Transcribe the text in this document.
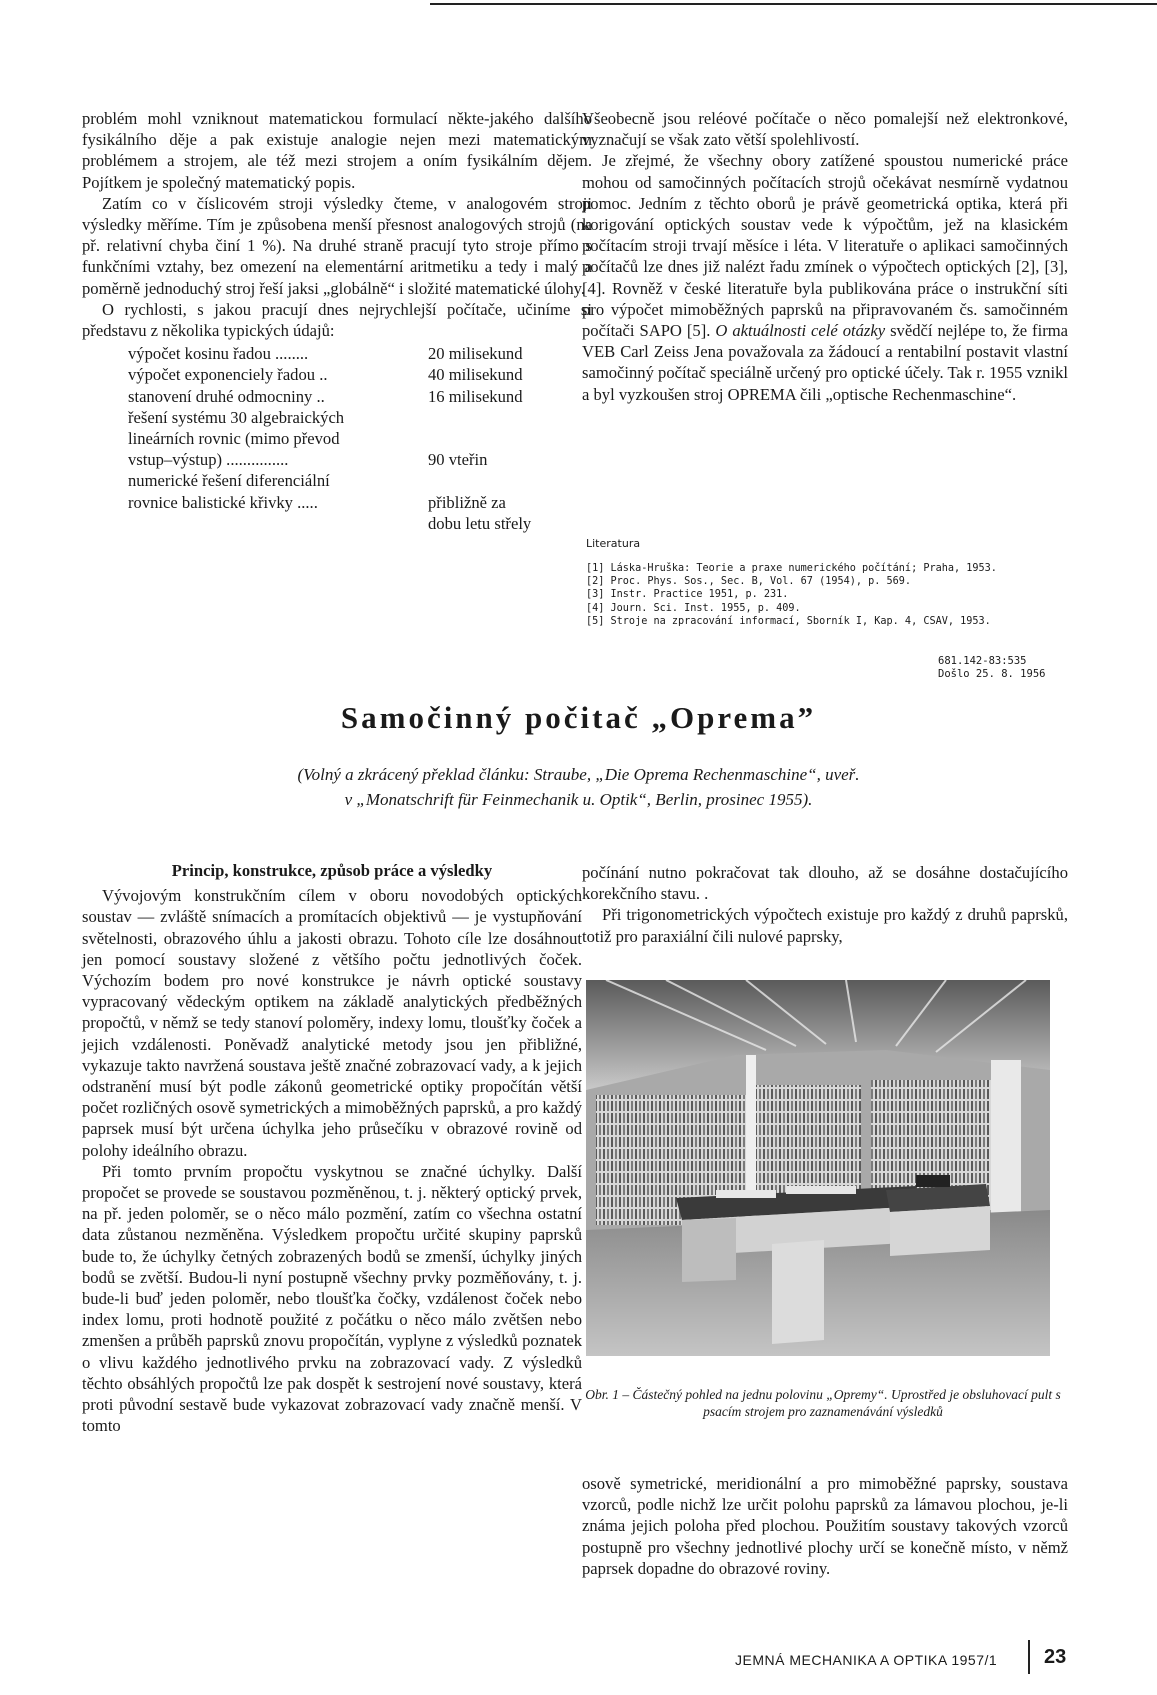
problém mohl vzniknout matematickou formulací někte-jakého dalšího fysikálního děje a pak existuje analogie nejen mezi matematickým problémem a strojem, ale též mezi strojem a oním fysikálním dějem. Pojítkem je společný matematický popis.

Zatím co v číslicovém stroji výsledky čteme, v analogovém stroji výsledky měříme. Tím je způsobena menší přesnost analogových strojů (na př. relativní chyba činí 1 %). Na druhé straně pracují tyto stroje přímo s funkčními vztahy, bez omezení na elementární aritmetiku a tedy i malý a poměrně jednoduchý stroj řeší jaksi „globálně“ i složité matematické úlohy.

O rychlosti, s jakou pracují dnes nejrychlejší počítače, učiníme si představu z několika typických údajů:

výpočet kosinu řadou ........	20 milisekund
výpočet exponenciely řadou ..	40 milisekund
stanovení druhé odmocniny ..	16 milisekund
řešení systému 30 algebraických
lineárních rovnic (mimo převod
vstup–výstup) ...............	90 vteřin
numerické řešení diferenciální
rovnice balistické křivky .....	přibližně za
dobu letu střely

Všeobecně jsou reléové počítače o něco pomalejší než elektronkové, vyznačují se však zato větší spolehlivostí.

Je zřejmé, že všechny obory zatížené spoustou numerické práce mohou od samočinných počítacích strojů očekávat nesmírně vydatnou pomoc. Jedním z těchto oborů je právě geometrická optika, která při korigování optických soustav vede k výpočtům, jež na klasickém počítacím stroji trvají měsíce i léta. V literatuře o aplikaci samočinných počítačů lze dnes již nalézt řadu zmínek o výpočtech optických [2], [3], [4]. Rovněž v české literatuře byla publikována práce o instrukční síti pro výpočet mimoběžných paprsků na připravovaném čs. samočinném počítači SAPO [5]. O aktuálnosti celé otázky svědčí nejlépe to, že firma VEB Carl Zeiss Jena považovala za žádoucí a rentabilní postavit vlastní samočinný počítač speciálně určený pro optické účely. Tak r. 1955 vznikl a byl vyzkoušen stroj OPREMA čili „optische Rechenmaschine“.

Literatura
[1] Láska-Hruška: Teorie a praxe numerického počítání; Praha, 1953.
[2] Proc. Phys. Sos., Sec. B, Vol. 67 (1954), p. 569.
[3] Instr. Practice 1951, p. 231.
[4] Journ. Sci. Inst. 1955, p. 409.
[5] Stroje na zpracování informací, Sborník I, Kap. 4, CSAV, 1953.
681.142-83:535
Došlo 25. 8. 1956
Samočinný počitač „Oprema”
(Volný a zkrácený překlad článku: Straube, „Die Oprema Rechenmaschine“, uveř.
v „Monatschrift für Feinmechanik u. Optik“, Berlin, prosinec 1955).
Princip, konstrukce, způsob práce a výsledky

Vývojovým konstrukčním cílem v oboru novodobých optických soustav — zvláště snímacích a promítacích objektivů — je vystupňování světelnosti, obrazového úhlu a jakosti obrazu. Tohoto cíle lze dosáhnout jen pomocí soustavy složené z většího počtu jednotlivých čoček. Výchozím bodem pro nové konstrukce je návrh optické soustavy vypracovaný vědeckým optikem na základě analytických předběžných propočtů, v němž se tedy stanoví poloměry, indexy lomu, tloušťky čoček a jejich vzdálenosti. Poněvadž analytické metody jsou jen přibližné, vykazuje takto navržená soustava ještě značné zobrazovací vady, a k jejich odstranění musí být podle zákonů geometrické optiky propočítán větší počet rozličných osově symetrických a mimoběžných paprsků, a pro každý paprsek musí být určena úchylka jeho průsečíku v obrazové rovině od polohy ideálního obrazu.

Při tomto prvním propočtu vyskytnou se značné úchylky. Další propočet se provede se soustavou pozměněnou, t. j. některý optický prvek, na př. jeden poloměr, se o něco málo pozmění, zatím co všechna ostatní data zůstanou nezměněna. Výsledkem propočtu určité skupiny paprsků bude to, že úchylky četných zobrazených bodů se zmenší, úchylky jiných bodů se zvětší. Budou-li nyní postupně všechny prvky pozměňovány, t. j. bude-li buď jeden poloměr, nebo tloušťka čočky, vzdálenost čoček nebo index lomu, proti hodnotě použité z počátku o něco málo zvětšen nebo zmenšen a průběh paprsků znovu propočítán, vyplyne z výsledků poznatek o vlivu každého jednotlivého prvku na zobrazovací vady. Z výsledků těchto obsáhlých propočtů lze pak dospět k sestrojení nové soustavy, která proti původní sestavě bude vykazovat zobrazovací vady značně menší. V tomto

počínání nutno pokračovat tak dlouho, až se dosáhne dostačujícího korekčního stavu. .

Při trigonometrických výpočtech existuje pro každý z druhů paprsků, totiž pro paraxiální čili nulové paprsky,

Obr. 1 – Částečný pohled na jednu polovinu „Opremy“. Uprostřed je obsluhovací pult s psacím strojem pro zaznamenávání výsledků

osově symetrické, meridionální a pro mimoběžné paprsky, soustava vzorců, podle nichž lze určit polohu paprsků za lámavou plochou, je-li známa jejich poloha před plochou. Použitím soustavy takových vzorců postupně pro všechny jednotlivé plochy určí se konečně místo, v němž paprsek dopadne do obrazové roviny.

JEMNÁ MECHANIKA A OPTIKA 1957/1 23
